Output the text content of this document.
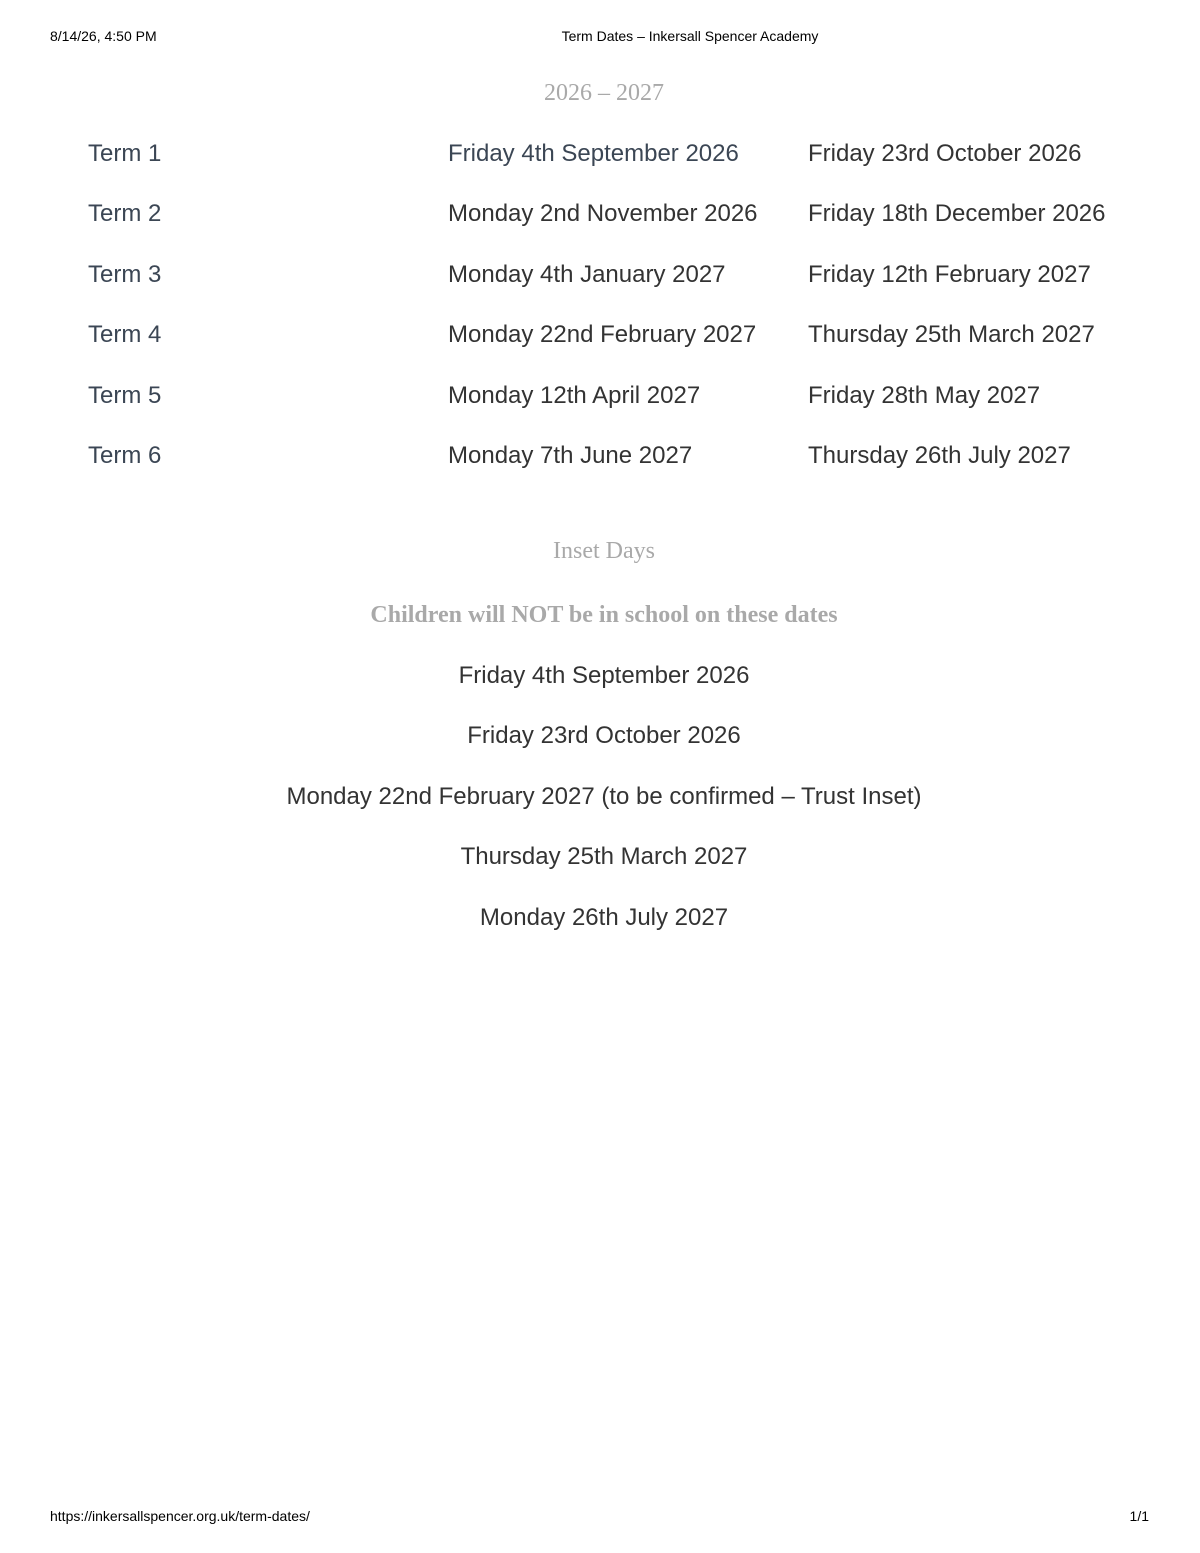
8/14/26, 4:50 PM	Term Dates – Inkersall Spencer Academy
2026 – 2027
Term 1	Friday 4th September 2026	Friday 23rd October 2026
Term 2	Monday 2nd November 2026 Friday 18th December 2026
Term 3	Monday 4th January 2027	Friday 12th February 2027
Term 4	Monday 22nd February 2027 Thursday 25th March 2027
Term 5	Monday 12th April 2027	Friday 28th May 2027
Term 6	Monday 7th June 2027	Thursday 26th July 2027
Inset Days
Children will NOT be in school on these dates
Friday 4th September 2026
Friday 23rd October 2026
Monday 22nd February 2027 (to be confirmed – Trust Inset)
Thursday 25th March 2027
Monday 26th July 2027
https://inkersallspencer.org.uk/term-dates/	1/1
